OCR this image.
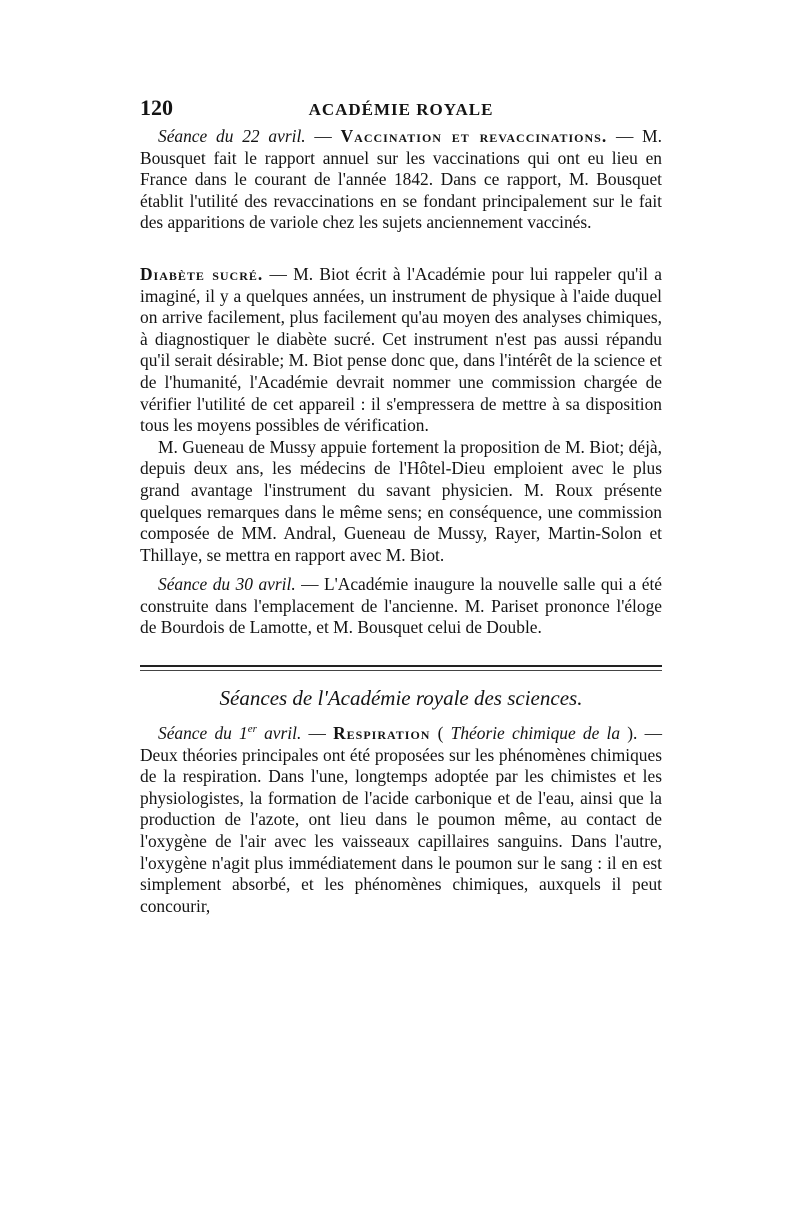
120	ACADÉMIE ROYALE

Séance du 22 avril. — Vaccination et revaccinations. — M. Bousquet fait le rapport annuel sur les vaccinations qui ont eu lieu en France dans le courant de l'année 1842. Dans ce rapport, M. Bousquet établit l'utilité des revaccinations en se fondant principalement sur le fait des apparitions de variole chez les sujets anciennement vaccinés.

Diabète sucré. — M. Biot écrit à l'Académie pour lui rappeler qu'il a imaginé, il y a quelques années, un instrument de physique à l'aide duquel on arrive facilement, plus facilement qu'au moyen des analyses chimiques, à diagnostiquer le diabète sucré. Cet instrument n'est pas aussi répandu qu'il serait désirable; M. Biot pense donc que, dans l'intérêt de la science et de l'humanité, l'Académie devrait nommer une commission chargée de vérifier l'utilité de cet appareil : il s'empressera de mettre à sa disposition tous les moyens possibles de vérification.

M. Gueneau de Mussy appuie fortement la proposition de M. Biot; déjà, depuis deux ans, les médecins de l'Hôtel-Dieu emploient avec le plus grand avantage l'instrument du savant physicien. M. Roux présente quelques remarques dans le même sens; en conséquence, une commission composée de MM. Andral, Gueneau de Mussy, Rayer, Martin-Solon et Thillaye, se mettra en rapport avec M. Biot.

Séance du 30 avril. — L'Académie inaugure la nouvelle salle qui a été construite dans l'emplacement de l'ancienne. M. Pariset prononce l'éloge de Bourdois de Lamotte, et M. Bousquet celui de Double.

Séances de l'Académie royale des sciences.

Séance du 1er avril. — Respiration ( Théorie chimique de la ). — Deux théories principales ont été proposées sur les phénomènes chimiques de la respiration. Dans l'une, longtemps adoptée par les chimistes et les physiologistes, la formation de l'acide carbonique et de l'eau, ainsi que la production de l'azote, ont lieu dans le poumon même, au contact de l'oxygène de l'air avec les vaisseaux capillaires sanguins. Dans l'autre, l'oxygène n'agit plus immédiatement dans le poumon sur le sang : il en est simplement absorbé, et les phénomènes chimiques, auxquels il peut concourir,
